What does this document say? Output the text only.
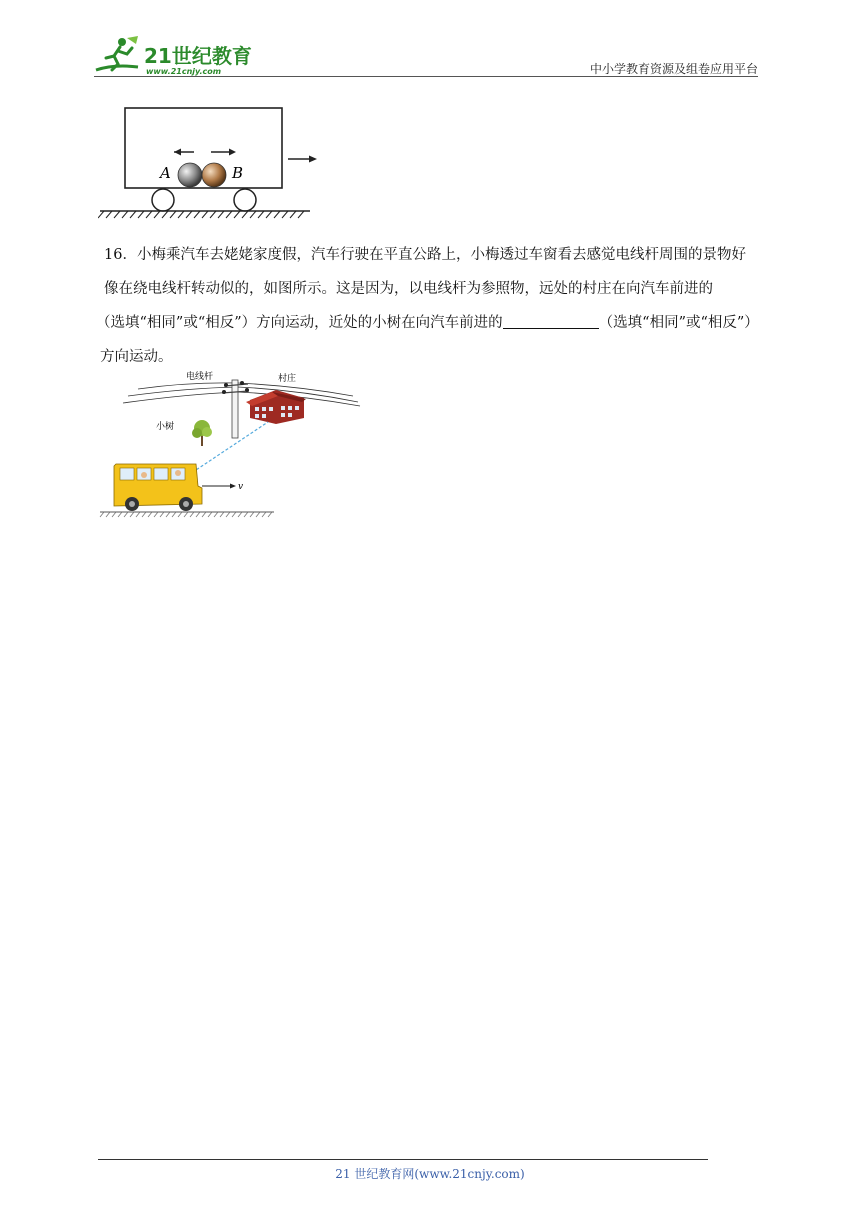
21世纪教育
www.21cnjy.com	中小学教育资源及组卷应用平台
A	B

16．小梅乘汽车去姥姥家度假，汽车行驶在平直公路上，小梅透过车窗看去感觉电线杆周围的景物好

像在绕电线杆转动似的，如图所示。这是因为，以电线杆为参照物，远处的村庄在向汽车前进的

（选填“相同”或“相反”）方向运动，近处的小树在向汽车前进的	（选填“相同”或“相反”）

方向运动。

电线杆	村庄
小树
v
21 世纪教育网(www.21cnjy.com)
